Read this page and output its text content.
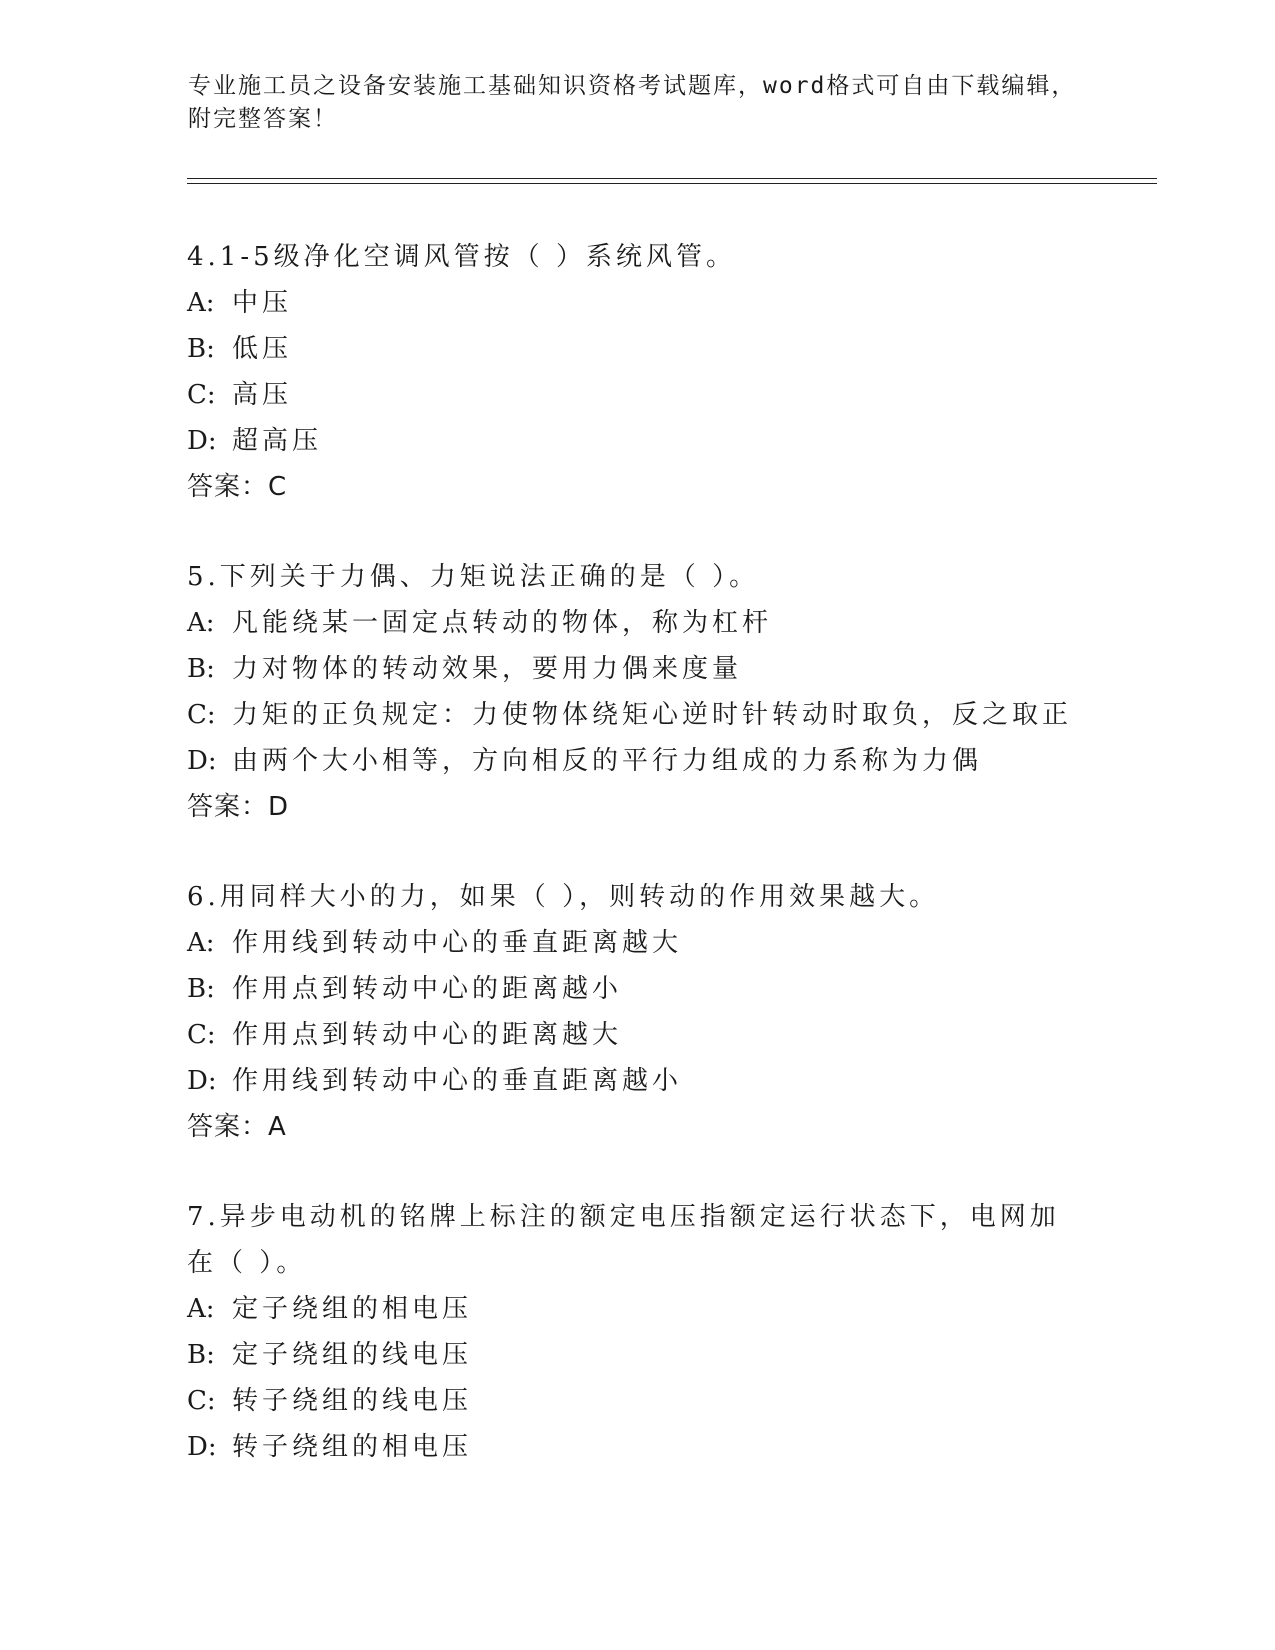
专业施工员之设备安装施工基础知识资格考试题库，word格式可自由下载编辑，附完整答案！
4.1-5级净化空调风管按（ ）系统风管。
A: 中压
B: 低压
C: 高压
D: 超高压
答案：C
5.下列关于力偶、力矩说法正确的是（ ）。
A: 凡能绕某一固定点转动的物体，称为杠杆
B: 力对物体的转动效果，要用力偶来度量
C: 力矩的正负规定：力使物体绕矩心逆时针转动时取负，反之取正
D: 由两个大小相等，方向相反的平行力组成的力系称为力偶
答案：D
6.用同样大小的力，如果（ ），则转动的作用效果越大。
A: 作用线到转动中心的垂直距离越大
B: 作用点到转动中心的距离越小
C: 作用点到转动中心的距离越大
D: 作用线到转动中心的垂直距离越小
答案：A
7.异步电动机的铭牌上标注的额定电压指额定运行状态下，电网加在（ ）。
A: 定子绕组的相电压
B: 定子绕组的线电压
C: 转子绕组的线电压
D: 转子绕组的相电压
